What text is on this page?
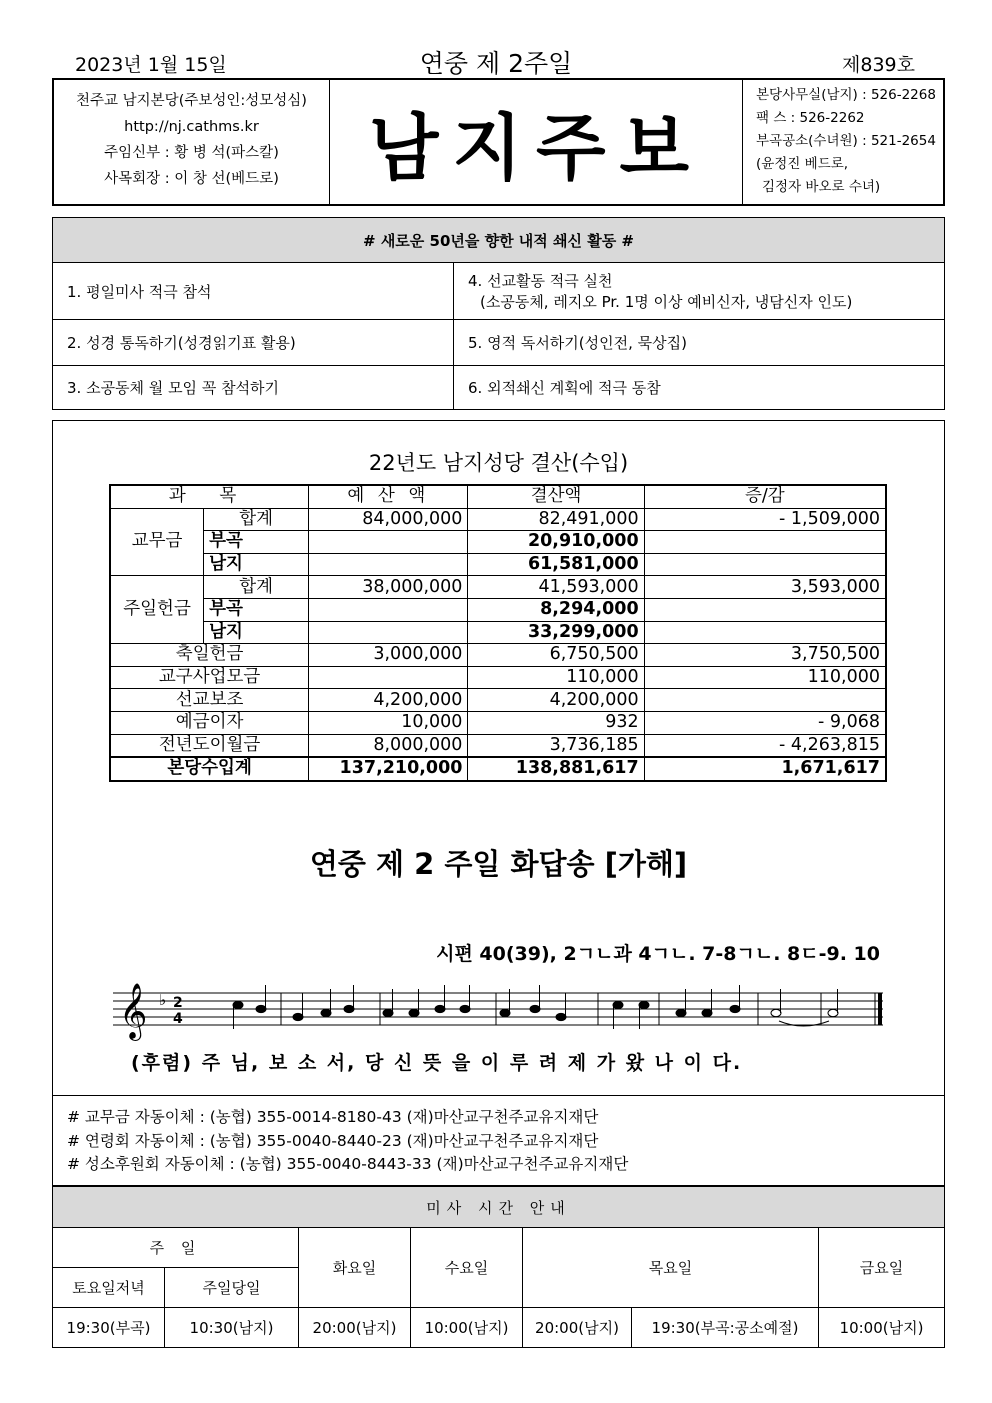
2023년 1월 15일	연중 제 2주일	제839호
천주교 남지본당(주보성인:성모성심)
http://nj.cathms.kr
주임신부 : 황 병 석(파스칼)
사목회장 : 이 창 선(베드로)	남지주보
본당사무실(남지) : 526-2268
팩 스 : 526-2262
부곡공소(수녀원) : 521-2654
(윤정진 베드로,
김정자 바오로 수녀)
# 새로운 50년을 향한 내적 쇄신 활동 #	
1. 평일미사 적극 참석	4. 선교활동 적극 실천
(소공동체, 레지오 Pr. 1명 이상 예비신자, 냉담신자 인도)

2. 성경 통독하기(성경읽기표 활용)	5. 영적 독서하기(성인전, 묵상집)
3. 소공동체 월 모임 꼭 참석하기	6. 외적쇄신 계획에 적극 동참
22년도 남지성당 결산(수입)
과 목		예 산 액	결산액	증/감
교무금	합계	84,000,000	82,491,000	- 1,509,000
	부곡		20,910,000	
	남지		61,581,000	
주일헌금	합계	38,000,000	41,593,000	3,593,000
	부곡		8,294,000	
	남지		33,299,000	
축일헌금		3,000,000	6,750,500	3,750,500
교구사업모금			110,000	110,000
선교보조		4,200,000	4,200,000	
예금이자		10,000	932	- 9,068
전년도이월금		8,000,000	3,736,185	- 4,263,815
본당수입계		137,210,000	138,881,617	1,671,617
연중 제 2 주일 화답송 [가해]
시편 40(39), 2ㄱㄴ과 4ㄱㄴ. 7-8ㄱㄴ. 8ㄷ-9. 10
𝄞 ♭ 2
4
(후렴) 주 님, 보 소 서, 당 신 뜻 을 이 루 려 제 가 왔 나 이 다.
# 교무금 자동이체 : (농협) 355-0014-8180-43 (재)마산교구천주교유지재단
# 연령회 자동이체 : (농협) 355-0040-8440-23 (재)마산교구천주교유지재단
# 성소후원회 자동이체 : (농협) 355-0040-8443-33 (재)마산교구천주교유지재단
미사 시간 안내						
주 일		화요일	수요일	목요일		금요일
토요일저녁	주일당일					
19:30(부곡)	10:30(남지)	20:00(남지)	10:00(남지)	20:00(남지)	19:30(부곡:공소예절)	10:00(남지)
